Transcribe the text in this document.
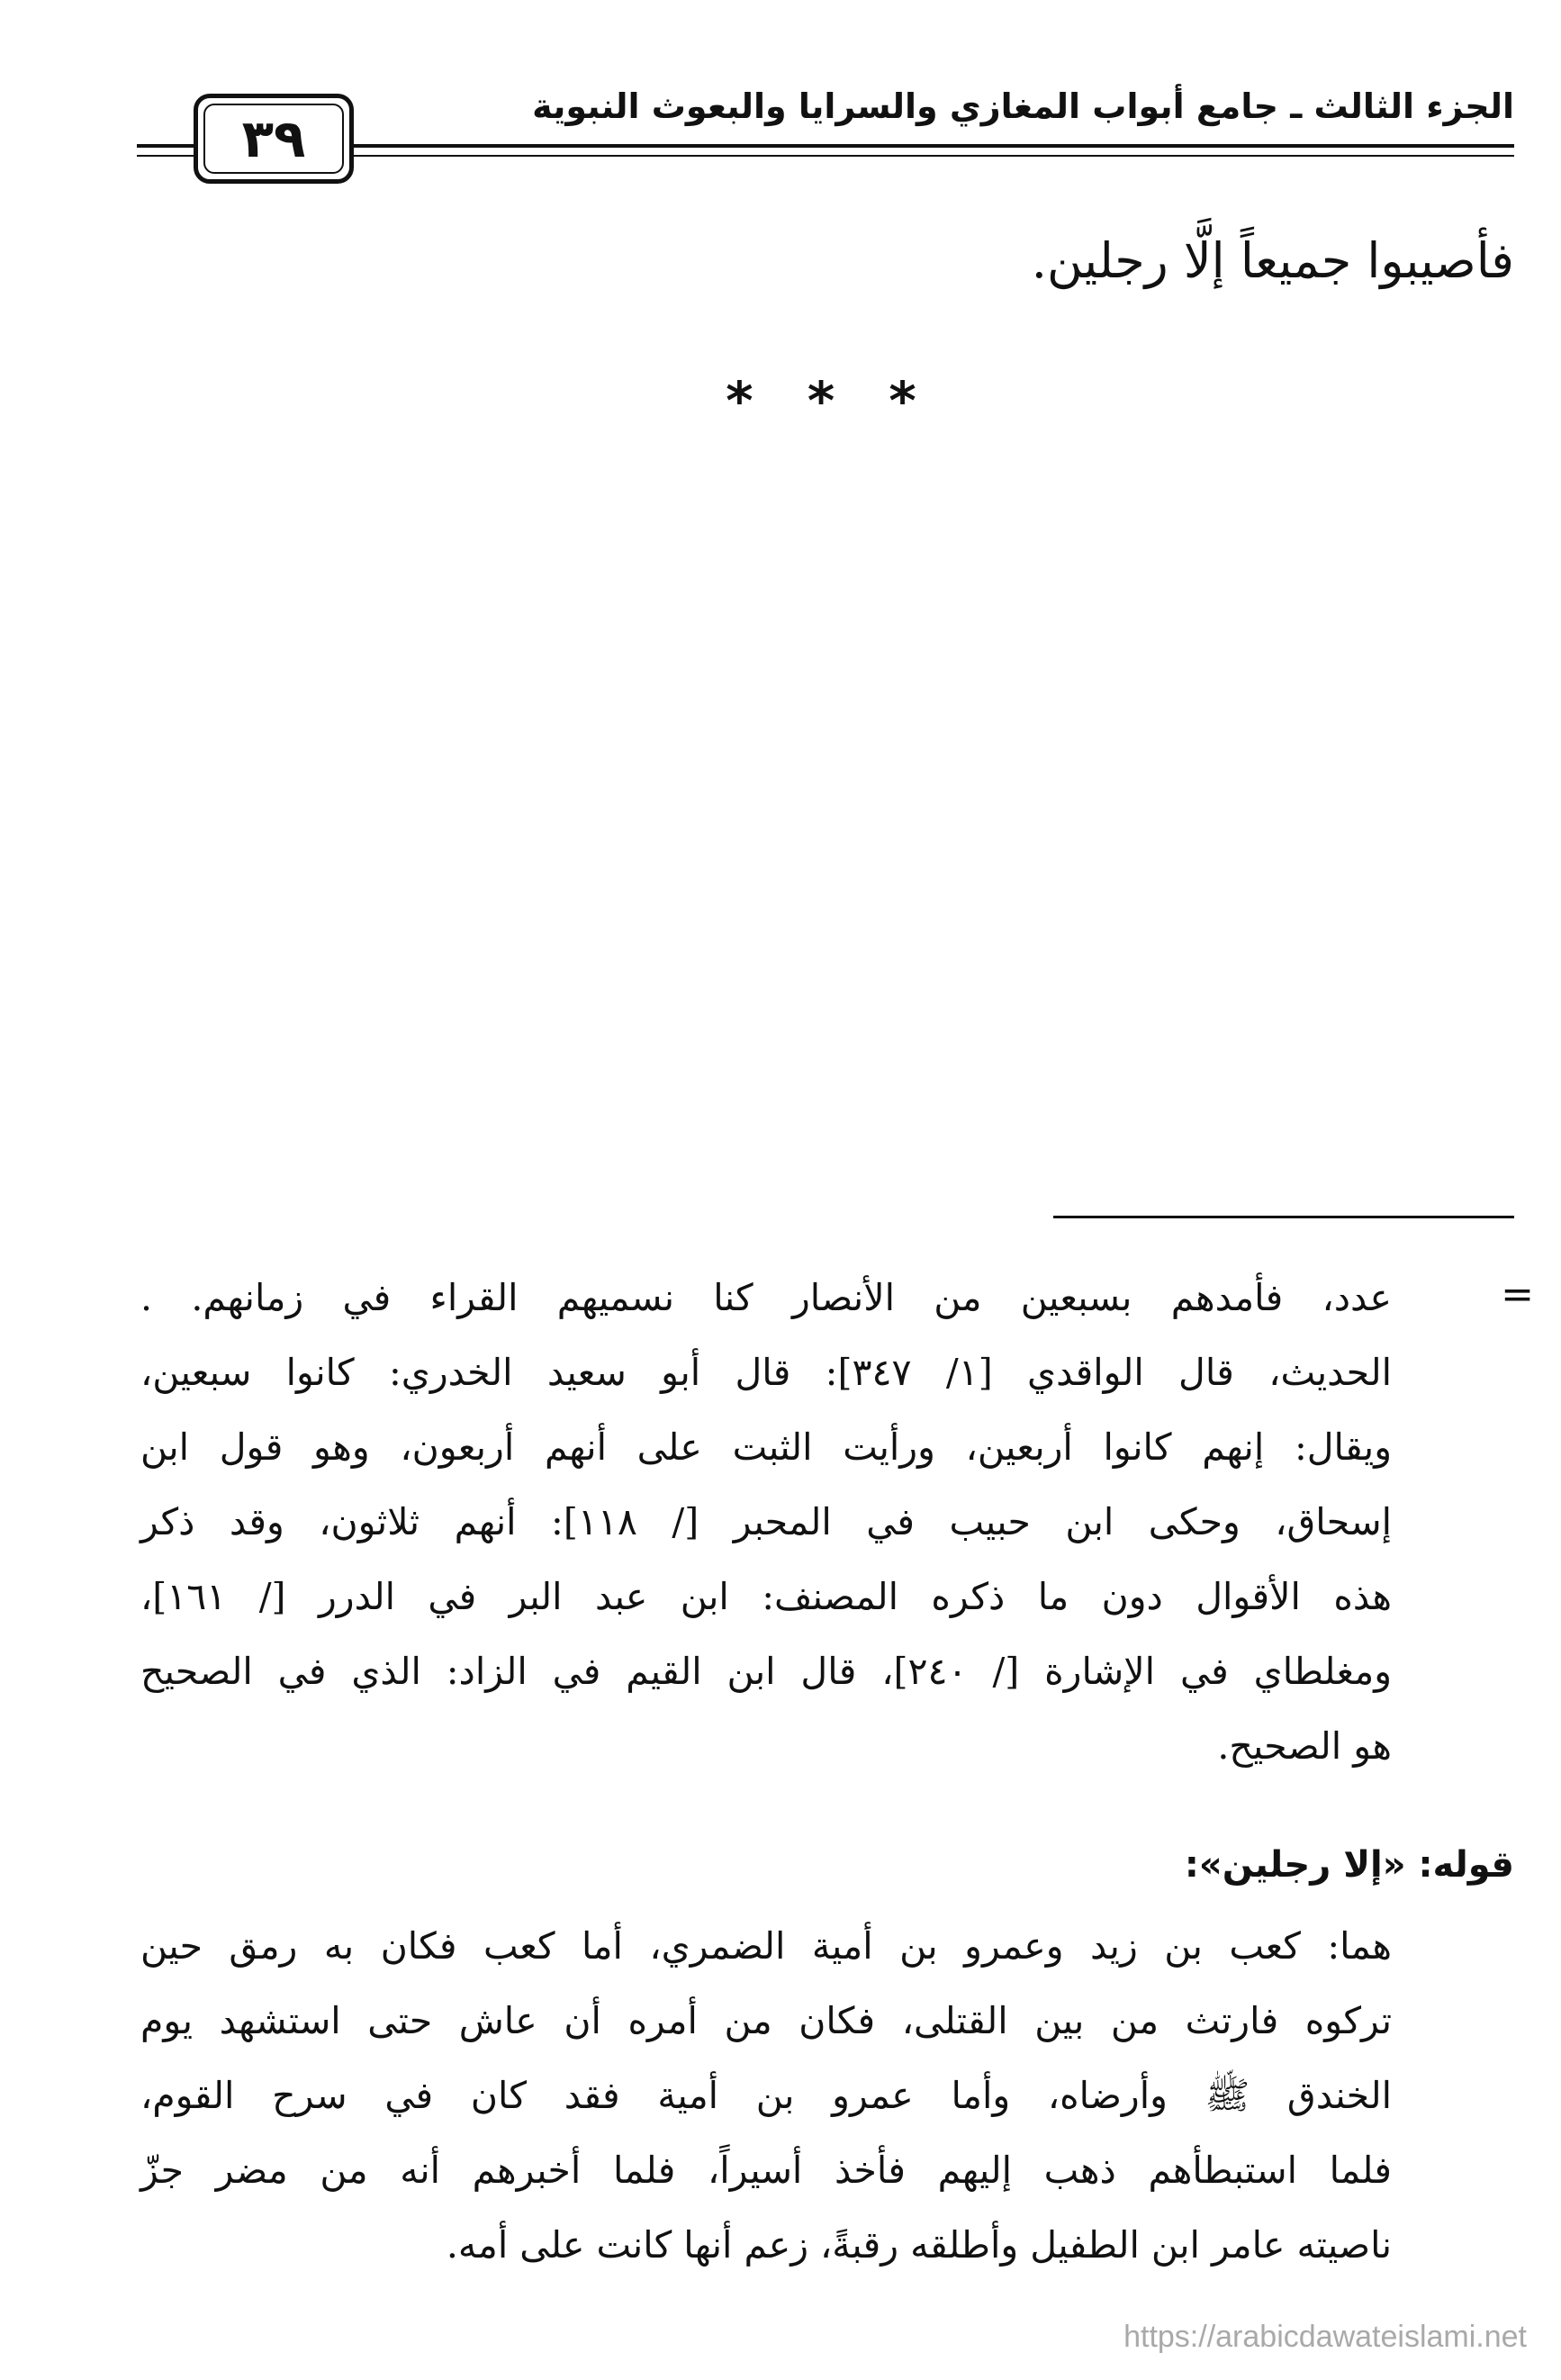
الجزء الثالث ـ جامع أبواب المغازي والسرايا والبعوث النبوية
٣٩
فأصيبوا جميعاً إلَّا رجلين.
* * *
=
عدد، فأمدهم بسبعين من الأنصار كنا نسميهم القراء في زمانهم. .
الحديث، قال الواقدي [١/ ٣٤٧]: قال أبو سعيد الخدري: كانوا سبعين،
ويقال: إنهم كانوا أربعين، ورأيت الثبت على أنهم أربعون، وهو قول ابن
إسحاق، وحكى ابن حبيب في المحبر [/ ١١٨]: أنهم ثلاثون، وقد ذكر
هذه الأقوال دون ما ذكره المصنف: ابن عبد البر في الدرر [/ ١٦١]،
ومغلطاي في الإشارة [/ ٢٤٠]، قال ابن القيم في الزاد: الذي في الصحيح
هو الصحيح.
قوله: «إلا رجلين»:
هما: كعب بن زيد وعمرو بن أمية الضمري، أما كعب فكان به رمق حين
تركوه فارتث من بين القتلى، فكان من أمره أن عاش حتى استشهد يوم
الخندق ﷺ وأرضاه، وأما عمرو بن أمية فقد كان في سرح القوم،
فلما استبطأهم ذهب إليهم فأخذ أسيراً، فلما أخبرهم أنه من مضر جزّ
ناصيته عامر ابن الطفيل وأطلقه رقبةً، زعم أنها كانت على أمه.
https://arabicdawateislami.net
